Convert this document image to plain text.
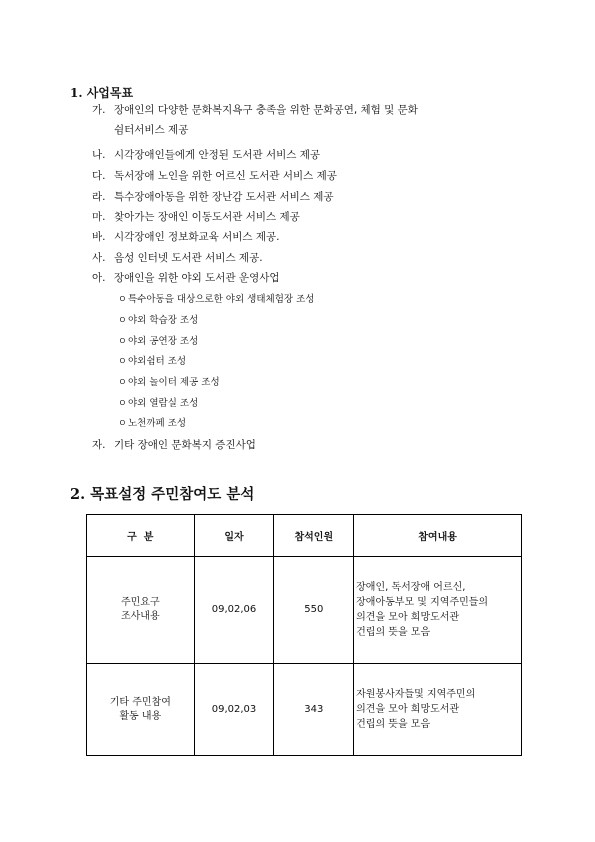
1. 사업목표
가. 장애인의 다양한 문화복지욕구 충족을 위한 문화공연, 체험 및 문화
쉼터서비스 제공
나. 시각장애인들에게 안정된 도서관 서비스 제공
다. 독서장애 노인을 위한 어르신 도서관 서비스 제공
라. 특수장애아동을 위한 장난감 도서관 서비스 제공
마. 찾아가는 장애인 이동도서관 서비스 제공
바. 시각장애인 정보화교육 서비스 제공.
사. 음성 인터넷 도서관 서비스 제공.
아. 장애인을 위한 야외 도서관 운영사업
ㅇ특수아동을 대상으로한 야외 생태체험장 조성
ㅇ야외 학습장 조성
ㅇ야외 공연장 조성
ㅇ야외쉼터 조성
ㅇ야외 놀이터 제공 조성
ㅇ야외 열람실 조성
ㅇ노천까페 조성
자. 기타 장애인 문화복지 증진사업
2. 목표설정 주민참여도 분석
구  분	일자	참석인원	참여내용

주민요구
조사내용	09,02,06	550	장애인, 독서장애 어르신,
장애아동부모 및 지역주민들의
의견을 모아 희망도서관
건립의 뜻을 모음

기타 주민참여
활동 내용	09,02,03	343	자원봉사자들및 지역주민의
의견을 모아 희망도서관
건립의 뜻을 모음
